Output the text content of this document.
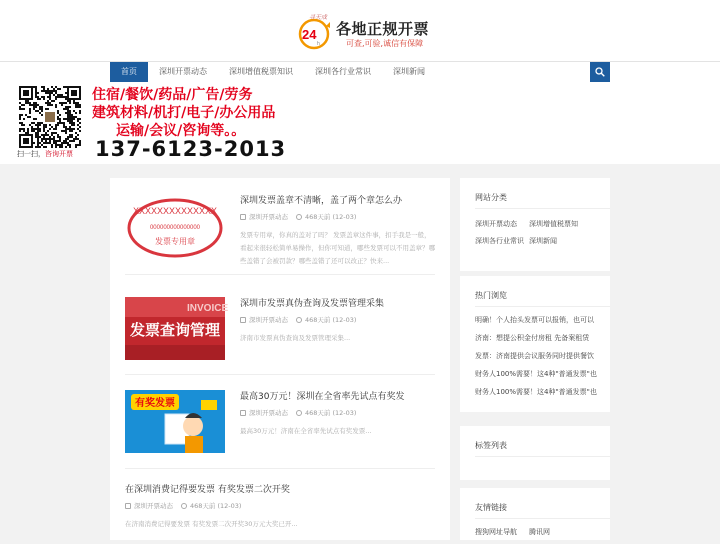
24
h
寻天成
各地正规开票
可查,可验,诚信有保障
首页	深圳开票动态	深圳增值税票知识	深圳各行业常识	深圳新闻
扫一扫，咨询开票
住宿/餐饮/药品/广告/劳务
建筑材料/机打/电子/办公用品
运输/会议/咨询等。。
137-6123-2013
XXXXXXXXXXXXXX
000000000000000
发票专用章
深圳发票盖章不清晰，盖了两个章怎么办
深圳开票动态	468天前 (12-03)
发票专用章，你真的盖对了吗？ 发票盖章这件事，扣手我是一般，看起来很轻松简单易操作，但你可知道，哪些发票可以不用盖章？哪些盖错了会被罚款？哪些盖错了还可以改正？快来...
INVOICE
发票查询管理
深圳市发票真伪查询及发票管理采集
深圳开票动态	468天前 (12-03)
济南市发票真伪查询及发票管理采集...
有奖发票
最高30万元！深圳在全省率先试点有奖发
深圳开票动态	468天前 (12-03)
最高30万元！济南在全省率先试点有奖发票...
在深圳消费记得要发票 有奖发票二次开奖
深圳开票动态	468天前 (12-03)
在济南消费记得要发票 有奖发票二次开奖30万元大奖已开...
网站分类
深圳开票动态 深圳增值税票知
深圳各行业常识 深圳新闻
热门浏览
明确！个人抬头发票可以报销，也可以
济南：想提公积金付房租 先备案租赁
发票：济南提供会议服务同时提供餐饮
财务人100%需要！这4种"普通发票"也
财务人100%需要！这4种"普通发票"也
标签列表
友情链接
搜狗网址导航 腾讯网
